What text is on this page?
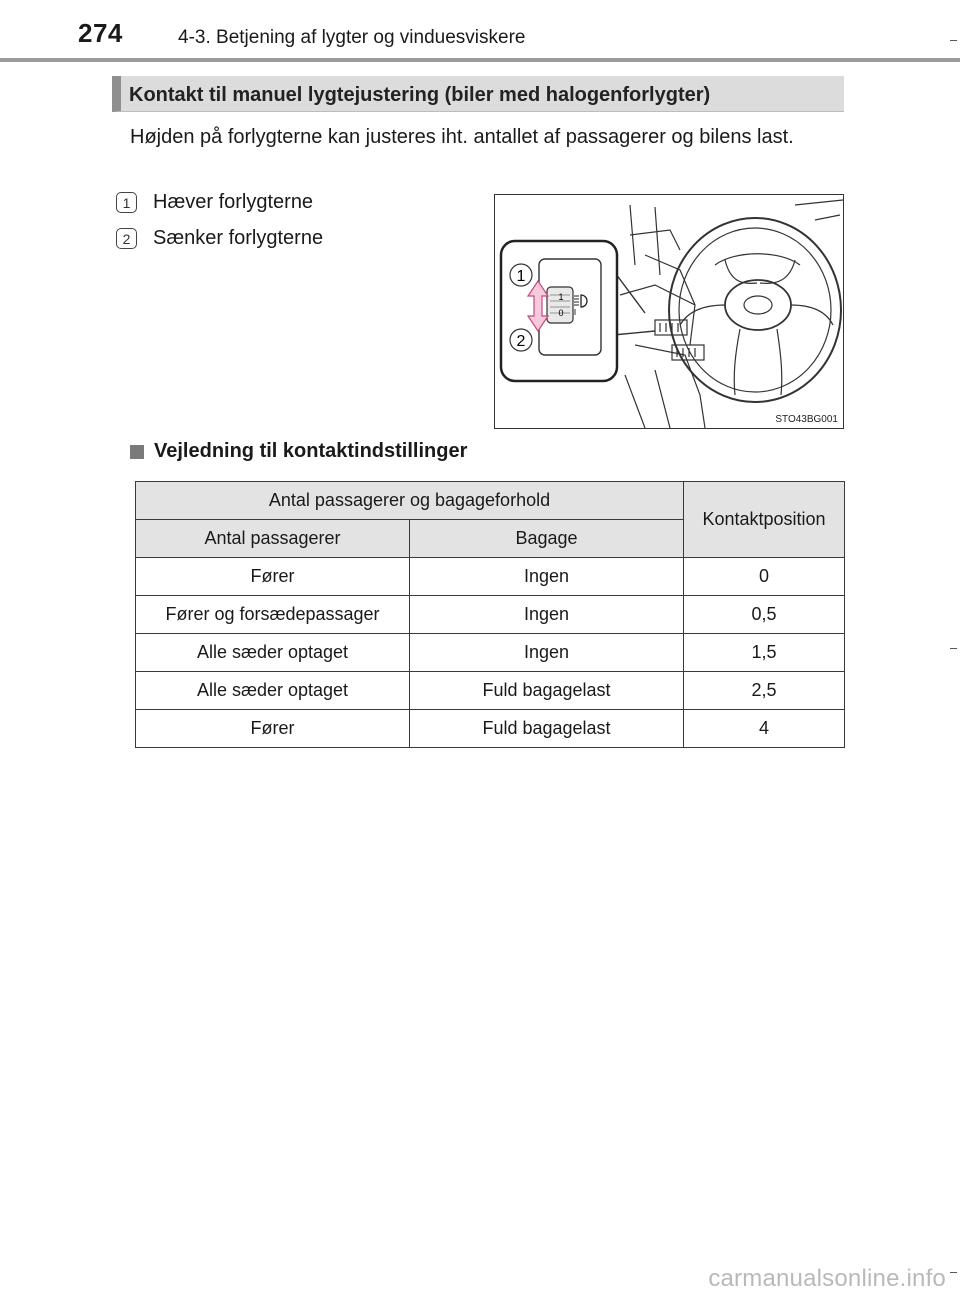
274	4-3. Betjening af lygter og vinduesviskere
Kontakt til manuel lygtejustering (biler med halogenforlygter)
Højden på forlygterne kan justeres iht. antallet af passagerer og bilens last.
1	Hæver forlygterne
2	Sænker forlygterne
1
0
1
2
STO43BG001
Vejledning til kontaktindstillinger
Antal passagerer og bagageforhold		Kontaktposition
Antal passagerer	Bagage	
Fører	Ingen	0
Fører og forsædepassager	Ingen	0,5
Alle sæder optaget	Ingen	1,5
Alle sæder optaget	Fuld bagagelast	2,5
Fører	Fuld bagagelast	4
carmanualsonline.info
